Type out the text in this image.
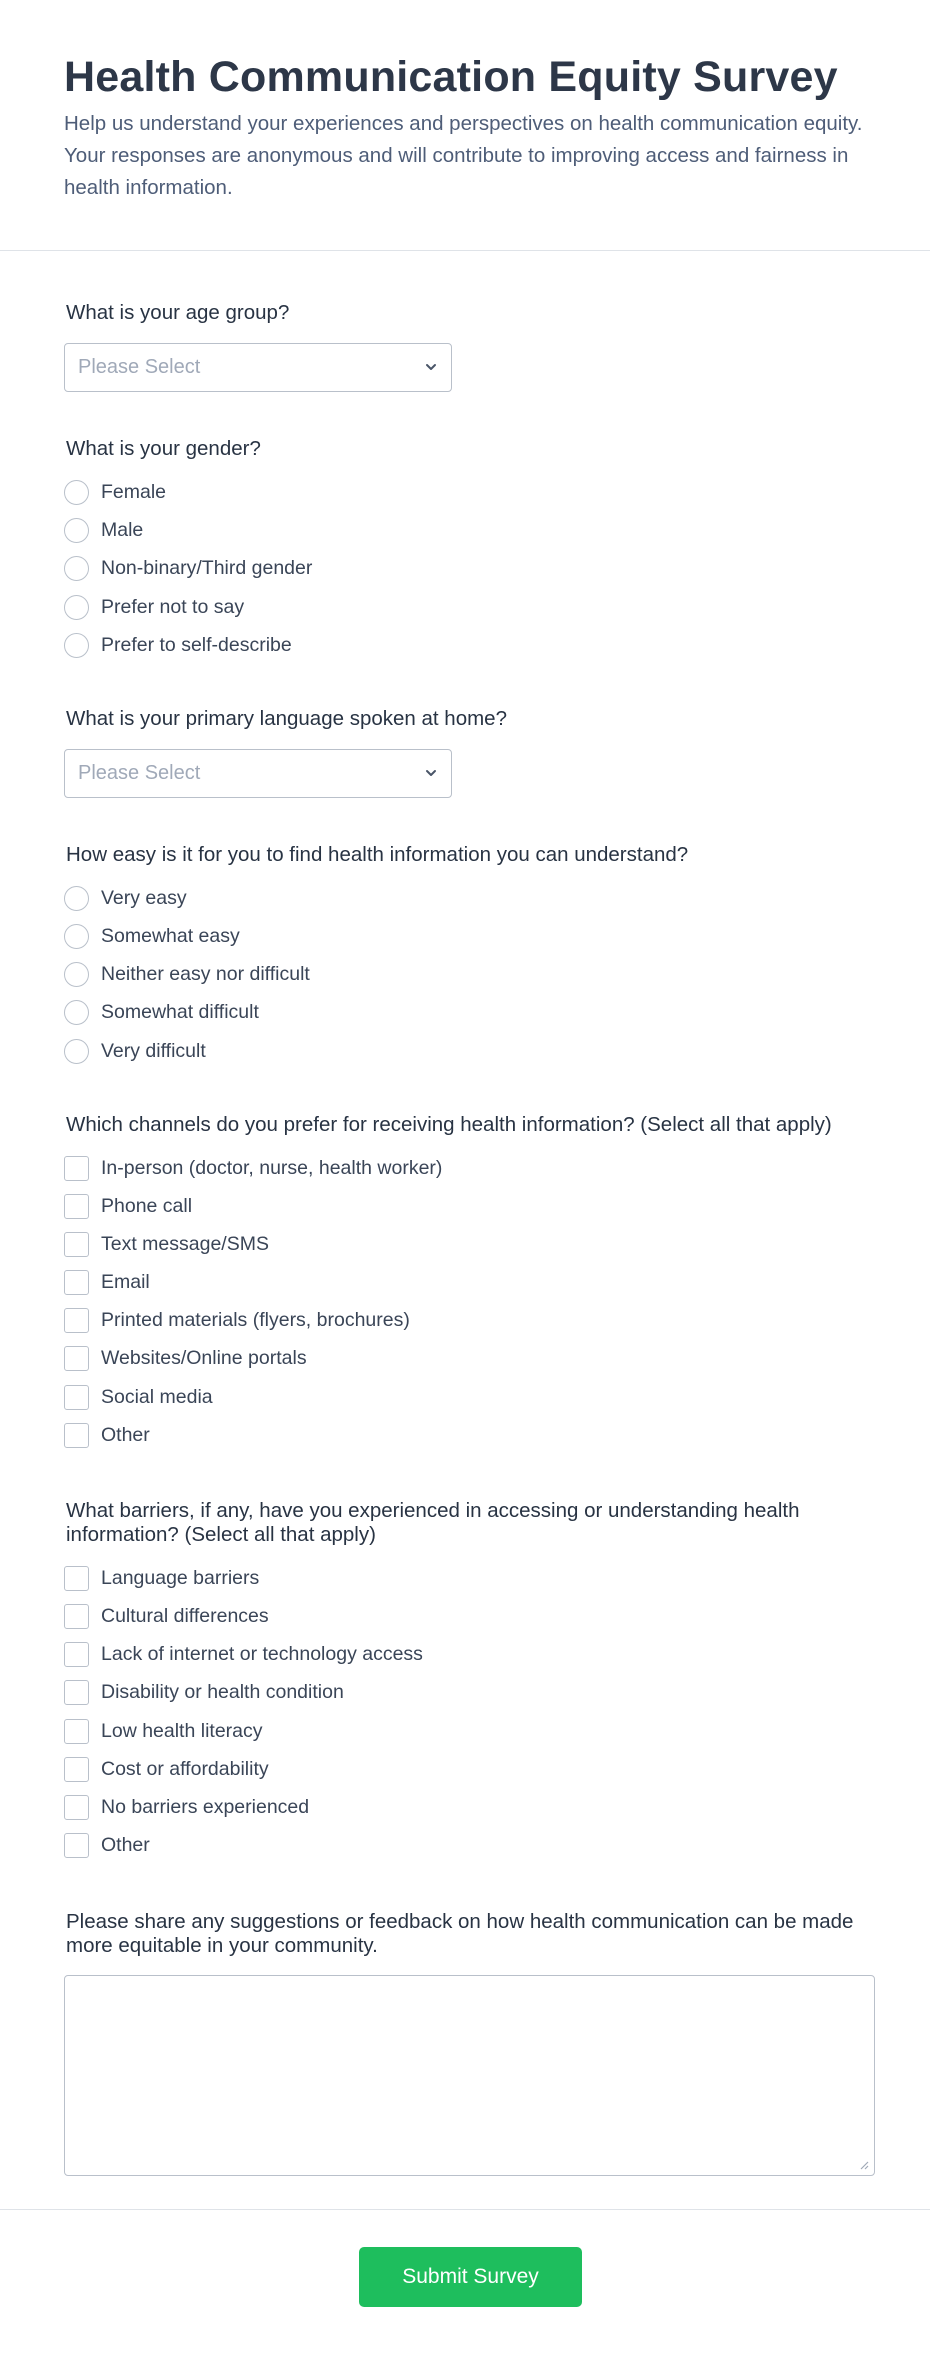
Health Communication Equity Survey

Help us understand your experiences and perspectives on health communication equity. Your responses are anonymous and will contribute to improving access and fairness in health information.

What is your age group?
Please Select
What is your gender?
Female
Male
Non-binary/Third gender
Prefer not to say
Prefer to self-describe
What is your primary language spoken at home?
Please Select
How easy is it for you to find health information you can understand?
Very easy
Somewhat easy
Neither easy nor difficult
Somewhat difficult
Very difficult
Which channels do you prefer for receiving health information? (Select all that apply)
In-person (doctor, nurse, health worker)
Phone call
Text message/SMS
Email
Printed materials (flyers, brochures)
Websites/Online portals
Social media
Other
What barriers, if any, have you experienced in accessing or understanding health information? (Select all that apply)
Language barriers
Cultural differences
Lack of internet or technology access
Disability or health condition
Low health literacy
Cost or affordability
No barriers experienced
Other
Please share any suggestions or feedback on how health communication can be made more equitable in your community.
Submit Survey
